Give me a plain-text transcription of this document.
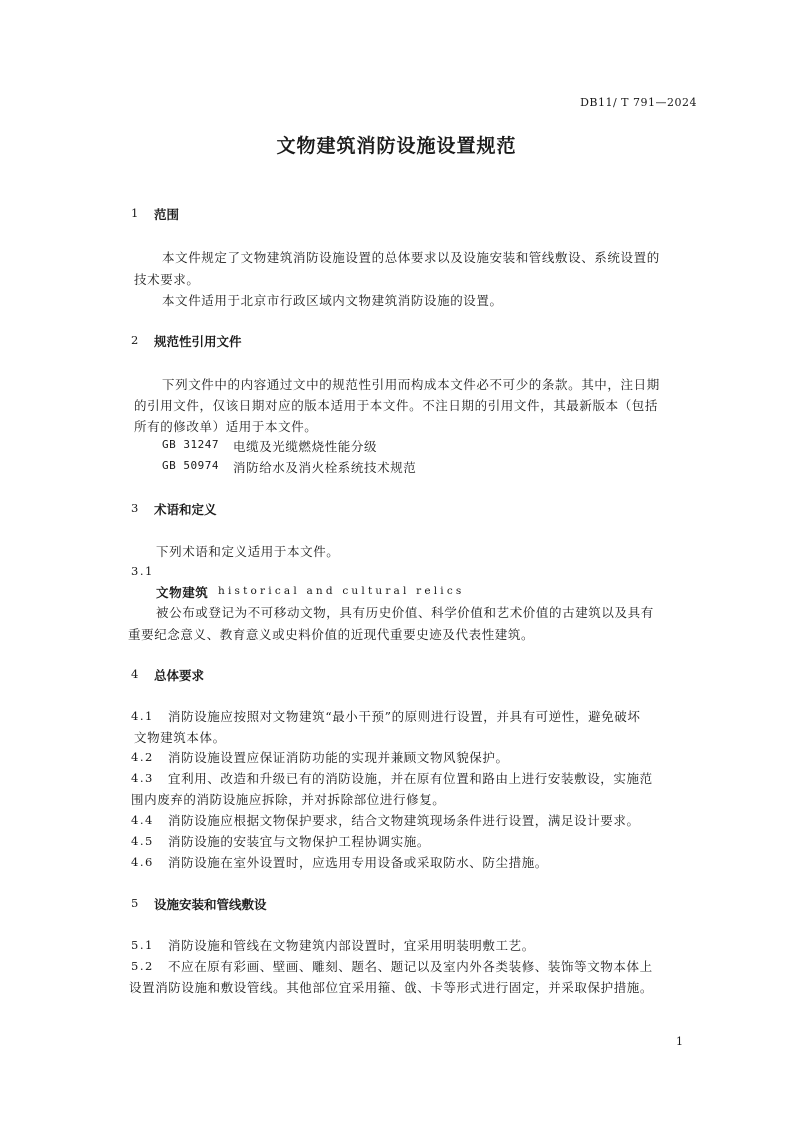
DB11/ T 791—2024
文物建筑消防设施设置规范
1 范围
本文件规定了文物建筑消防设施设置的总体要求以及设施安装和管线敷设、系统设置的
技术要求。
本文件适用于北京市行政区域内文物建筑消防设施的设置。
2 规范性引用文件
下列文件中的内容通过文中的规范性引用而构成本文件必不可少的条款。其中，注日期
的引用文件，仅该日期对应的版本适用于本文件。不注日期的引用文件，其最新版本（包括
所有的修改单）适用于本文件。
GB 31247 电缆及光缆燃烧性能分级
GB 50974 消防给水及消火栓系统技术规范
3 术语和定义
下列术语和定义适用于本文件。
3.1
文物建筑 historical and cultural relics
被公布或登记为不可移动文物，具有历史价值、科学价值和艺术价值的古建筑以及具有
重要纪念意义、教育意义或史料价值的近现代重要史迹及代表性建筑。
4 总体要求
4.1 消防设施应按照对文物建筑“最小干预”的原则进行设置，并具有可逆性，避免破坏
文物建筑本体。
4.2 消防设施设置应保证消防功能的实现并兼顾文物风貌保护。
4.3 宜利用、改造和升级已有的消防设施，并在原有位置和路由上进行安装敷设，实施范
围内废弃的消防设施应拆除，并对拆除部位进行修复。
4.4 消防设施应根据文物保护要求，结合文物建筑现场条件进行设置，满足设计要求。
4.5 消防设施的安装宜与文物保护工程协调实施。
4.6 消防设施在室外设置时，应选用专用设备或采取防水、防尘措施。
5 设施安装和管线敷设
5.1 消防设施和管线在文物建筑内部设置时，宜采用明装明敷工艺。
5.2 不应在原有彩画、壁画、雕刻、题名、题记以及室内外各类装修、装饰等文物本体上
设置消防设施和敷设管线。其他部位宜采用箍、戗、卡等形式进行固定，并采取保护措施。
1
